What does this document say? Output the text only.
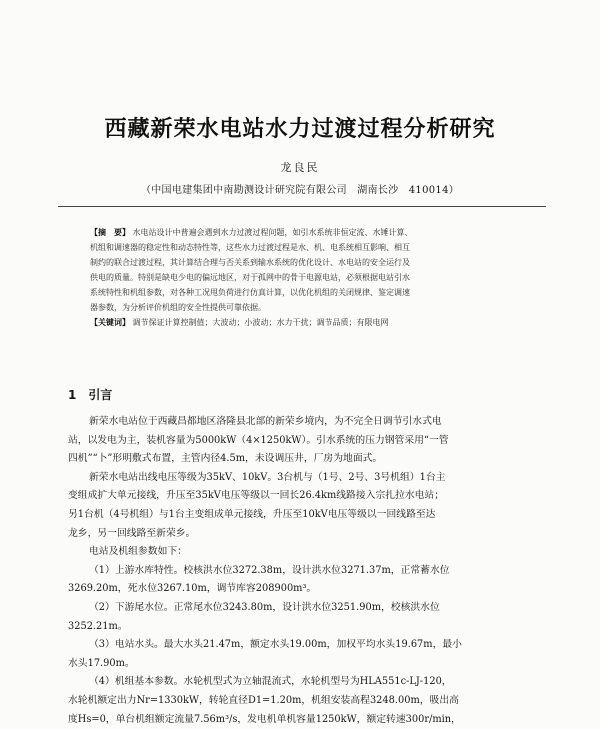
西藏新荣水电站水力过渡过程分析研究
龙良民
（中国电建集团中南勘测设计研究院有限公司　湖南长沙　410014）
【摘　要】 水电站设计中普遍会遇到水力过渡过程问题，如引水系统非恒定流、水锤计算、
机组和调速器的稳定性和动态特性等，这些水力过渡过程是水、机、电系统相互影响、相互
制约的联合过渡过程，其计算结合理与否关系到输水系统的优化设计、水电站的安全运行及
供电的质量。特别是缺电少电的偏远地区，对于孤网中的骨干电源电站，必须根据电站引水
系统特性和机组参数，对各种工况甩负荷进行仿真计算，以优化机组的关闭规律、鉴定调速
器参数，为分析评价机组的安全性提供可靠依据。
【关键词】 调节保证计算控制值；大波动；小波动；水力干扰；调节品质；有限电网
1 引言
新荣水电站位于西藏昌都地区洛隆县北部的新荣乡境内，为不完全日调节引水式电
站，以发电为主，装机容量为5000kW（4×1250kW）。引水系统的压力钢管采用“一管
四机”“卜”形明敷式布置，主管内径4.5m，未设调压井，厂房为地面式。
新荣水电站出线电压等级为35kV、10kV。3台机与（1号、2号、3号机组）1台主
变组成扩大单元接线，升压至35kV电压等级以一回长26.4km线路接入宗扎拉水电站；
另1台机（4号机组）与1台主变组成单元接线，升压至10kV电压等级以一回线路至达
龙乡，另一回线路至新荣乡。
电站及机组参数如下：
（1）上游水库特性。校核洪水位3272.38m，设计洪水位3271.37m，正常蓄水位
3269.20m，死水位3267.10m，调节库容208900m³。
（2）下游尾水位。正常尾水位3243.80m，设计洪水位3251.90m，校核洪水位
3252.21m。
（3）电站水头。最大水头21.47m，额定水头19.00m，加权平均水头19.67m，最小
水头17.90m。
（4）机组基本参数。水轮机型式为立轴混流式，水轮机型号为HLA551c-LJ-120，
水轮机额定出力Nr=1330kW，转轮直径D1=1.20m，机组安装高程3248.00m，吸出高
度Hs=0，单台机组额定流量7.56m³/s，发电机单机容量1250kW，额定转速300r/min，
